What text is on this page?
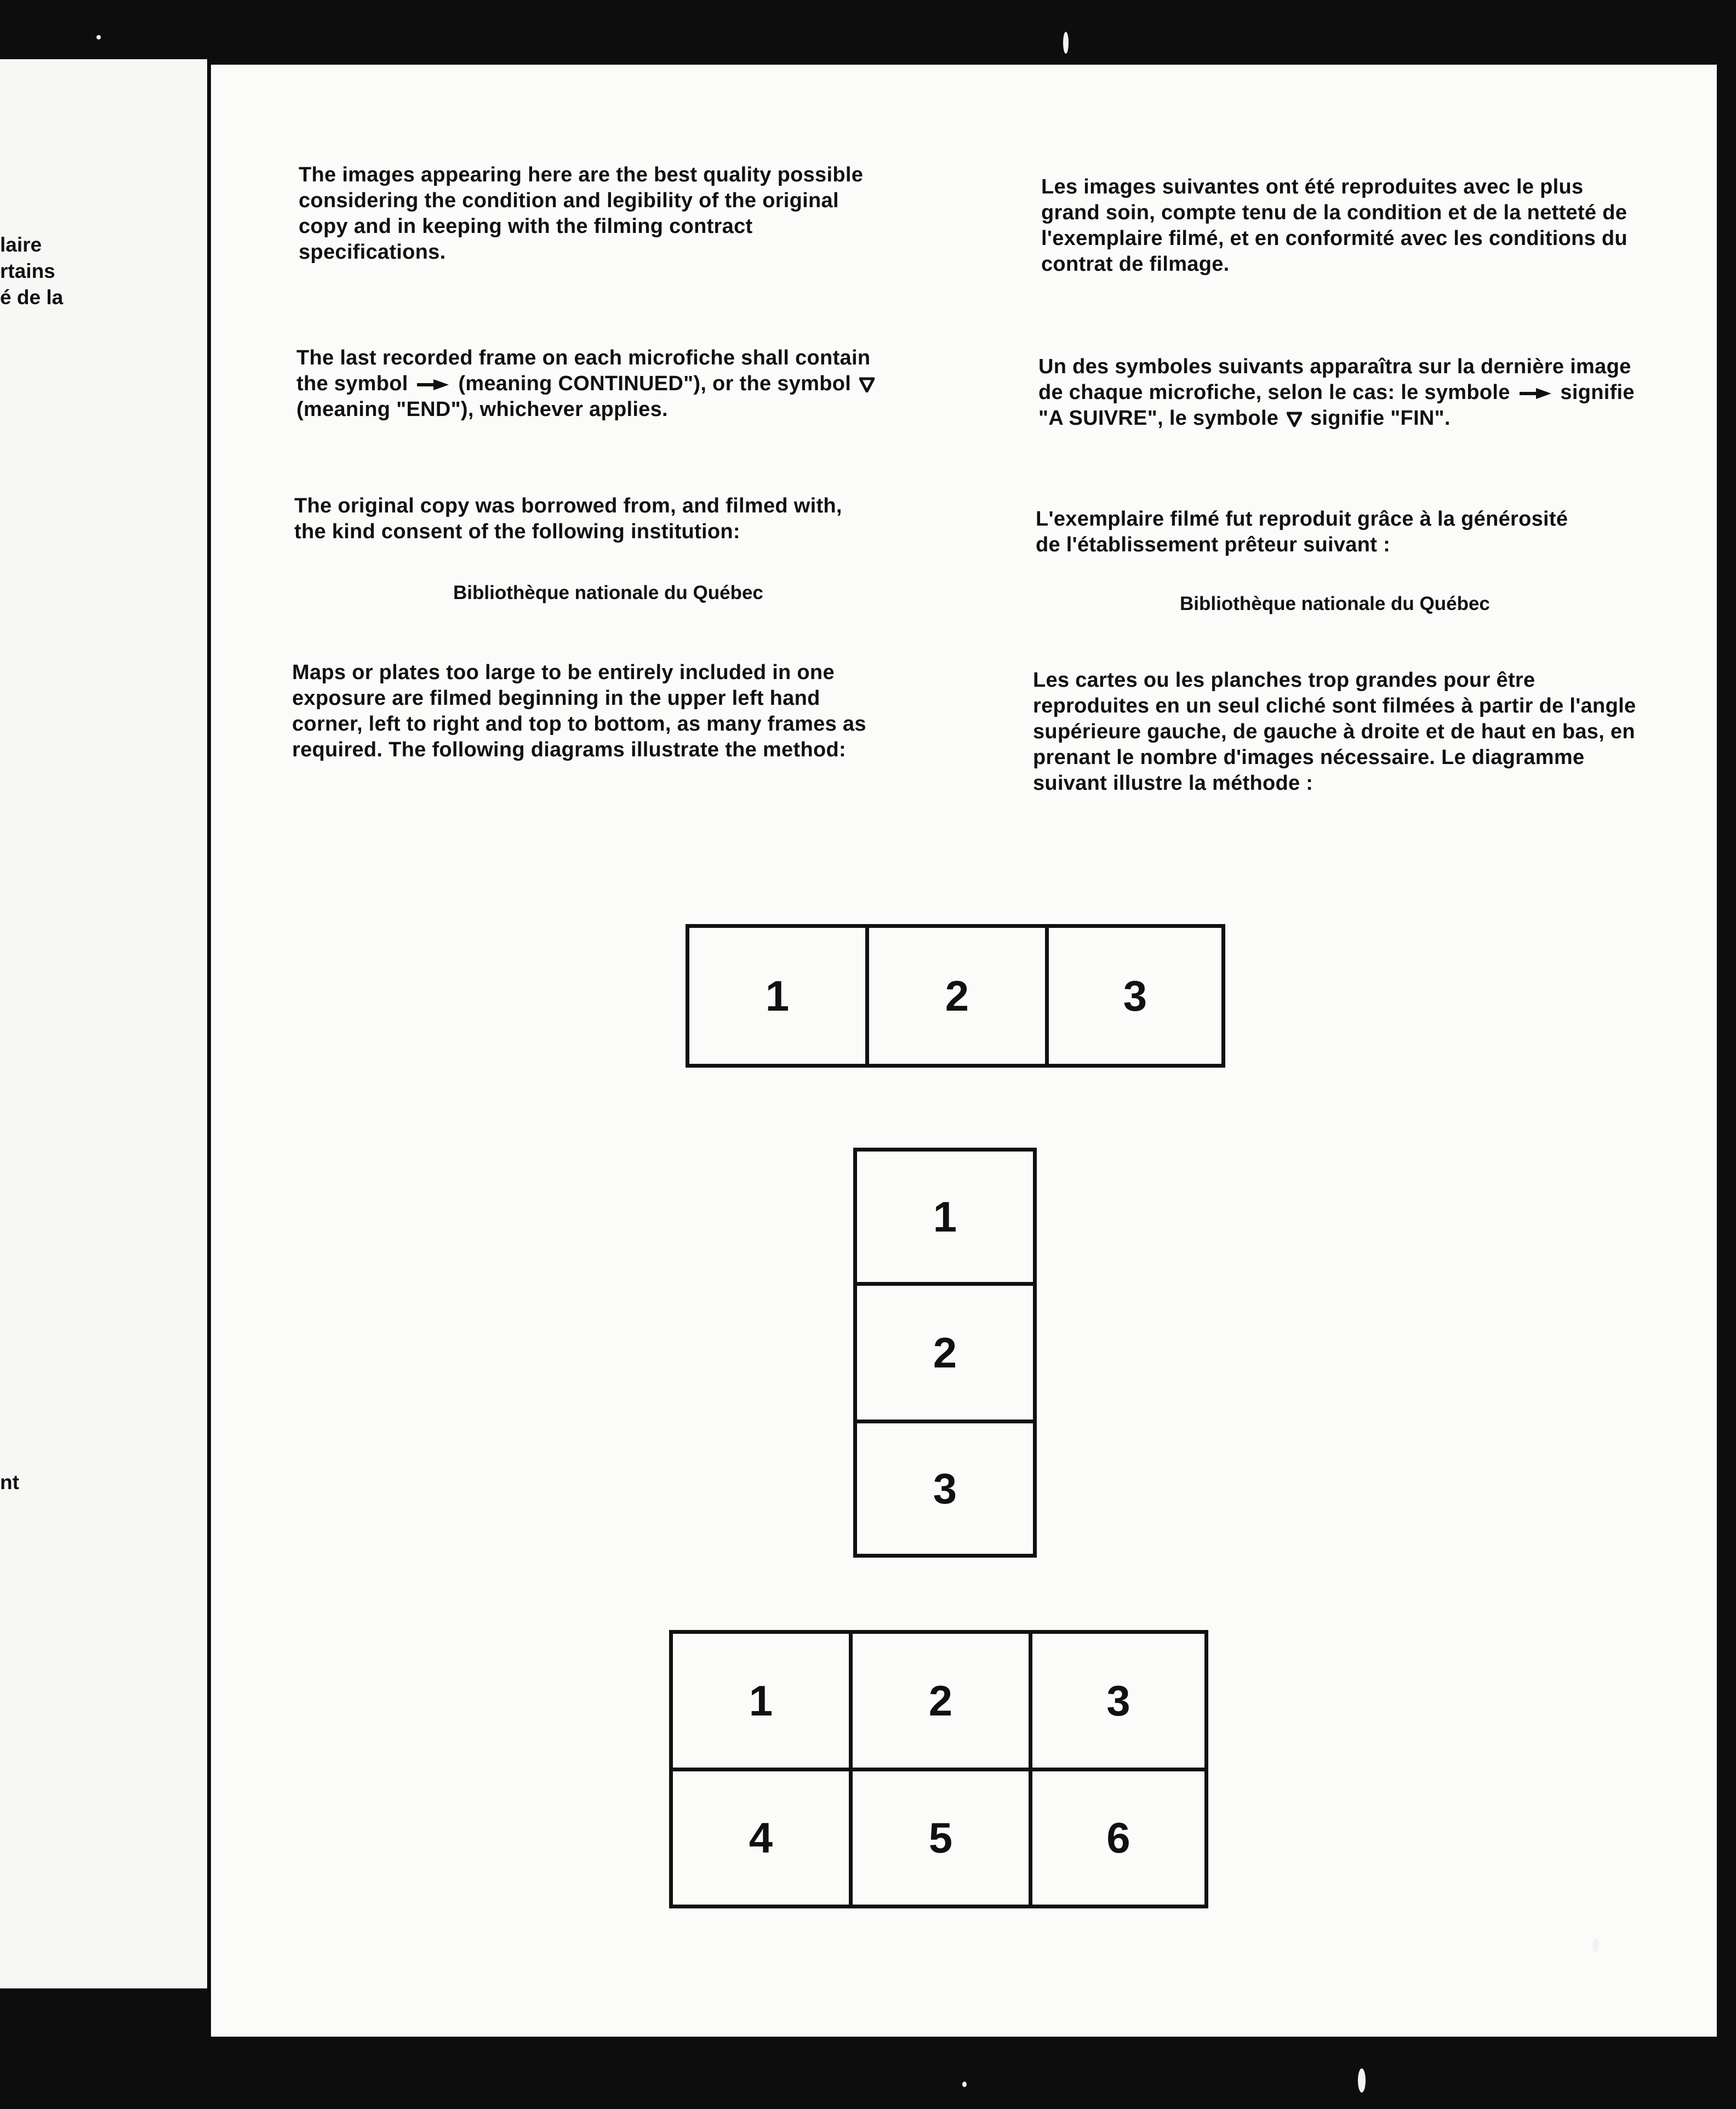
laire
rtains
é de la
nt
The images appearing here are the best quality possible considering the condition and legibility of the original copy and in keeping with the filming contract specifications.
The last recorded frame on each microfiche shall contain the symbol (meaning CONTINUED"), or the symbol  (meaning "END"), whichever applies.
The original copy was borrowed from, and filmed with, the kind consent of the following institution:
Bibliothèque nationale du Québec
Maps or plates too large to be entirely included in one exposure are filmed beginning in the upper left hand corner, left to right and top to bottom, as many frames as required. The following diagrams illustrate the method:
Les images suivantes ont été reproduites avec le plus grand soin, compte tenu de la condition et de la netteté de l'exemplaire filmé, et en conformité avec les conditions du contrat de filmage.
Un des symboles suivants apparaîtra sur la dernière image de chaque microfiche, selon le cas: le symbole signifie "A SUIVRE", le symbole signifie "FIN".
L'exemplaire filmé fut reproduit grâce à la générosité de l'établissement prêteur suivant :
Bibliothèque nationale du Québec
Les cartes ou les planches trop grandes pour être reproduites en un seul cliché sont filmées à partir de l'angle supérieure gauche, de gauche à droite et de haut en bas, en prenant le nombre d'images nécessaire. Le diagramme suivant illustre la méthode :
1	2	3
1
2
3
1	2	3
4	5	6
